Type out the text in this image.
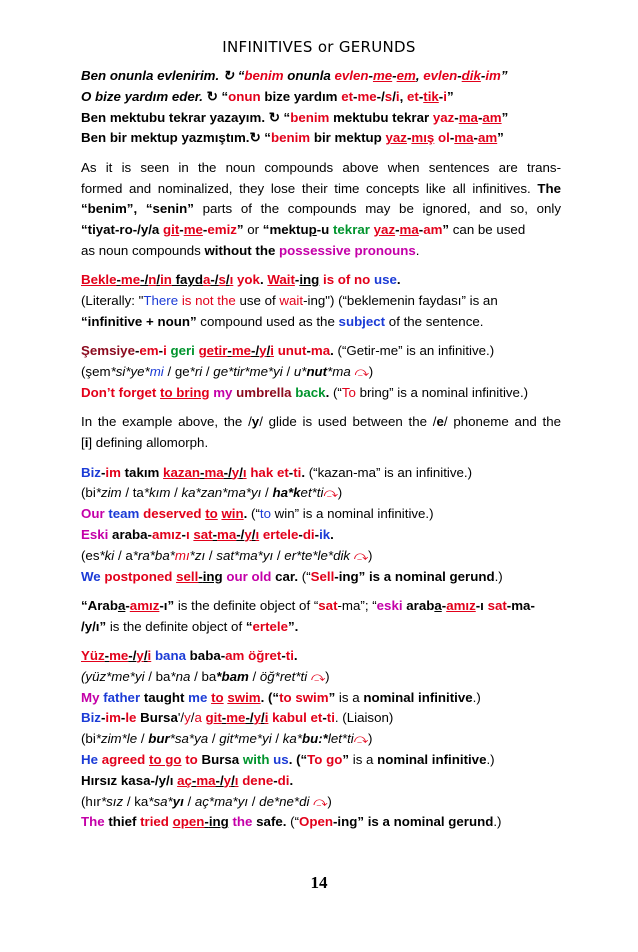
INFINITIVES or GERUNDS
Ben onunla evlenirim. ↻ “benim onunla evlen-me-em, evlen-dik-im”
O bize yardım eder. ↻ “onun bize yardım et-me-/s/i, et-tik-i”
Ben mektubu tekrar yazayım. ↻ “benim mektubu tekrar yaz-ma-am”
Ben bir mektup yazmıştım.↻ “benim bir mektup yaz-mış ol-ma-am”
As it is seen in the noun compounds above when sentences are trans-
formed and nominalized, they lose their time concepts like all infinitives. The
“benim”, “senin” parts of the compounds may be ignored, and so, only
“tiyat-ro-/y/a git-me-emiz” or “mektup-u tekrar yaz-ma-am” can be used
as noun compounds without the possessive pronouns.
Bekle-me-/n/in fayda-/s/ı yok. Wait-ing is of no use.
(Literally: "There is not the use of wait-ing") (“beklemenin faydası” is an
“infinitive + noun” compound used as the subject of the sentence.
Şemsiye-em-i geri getir-me-/y/i unut-ma. (“Getir-me” is an infinitive.)
(şem*si*ye*mi / ge*ri / ge*tir*me*yi / u*nut*ma ⤼)
Don’t forget to bring my umbrella back. (“To bring” is a nominal infinitive.)
In the example above, the /y/ glide is used between the /e/ phoneme and the
[i] defining allomorph.
Biz-im takım kazan-ma-/y/ı hak et-ti. (“kazan-ma” is an infinitive.)
(bi*zim / ta*kım / ka*zan*ma*yı / ha*ket*ti⤼)
Our team deserved to win. (“to win” is a nominal infinitive.)
Eski araba-amız-ı sat-ma-/y/ı ertele-di-ik.
(es*ki / a*ra*ba*mı*zı / sat*ma*yı / er*te*le*dik ⤼)
We postponed sell-ing our old car. (“Sell-ing” is a nominal gerund.)
“Araba-amız-ı” is the definite object of “sat-ma”; “eski araba-amız-ı sat-ma-
/y/ı” is the definite object of “ertele”.
Yüz-me-/y/i bana baba-am öğret-ti.
(yüz*me*yi / ba*na / ba*bam / öğ*ret*ti ⤼)
My father taught me to swim. (“to swim” is a nominal infinitive.)
Biz-im-le Bursa'/y/a git-me-/y/i kabul et-ti. (Liaison)
(bi*zim*le / bur*sa*ya / git*me*yi / ka*bu:*let*ti⤼)
He agreed to go to Bursa with us. (“To go” is a nominal infinitive.)
Hırsız kasa-/y/ı aç-ma-/y/ı dene-di.
(hır*sız / ka*sa*yı / aç*ma*yı / de*ne*di ⤼)
The thief tried open-ing the safe. (“Open-ing” is a nominal gerund.)
14
